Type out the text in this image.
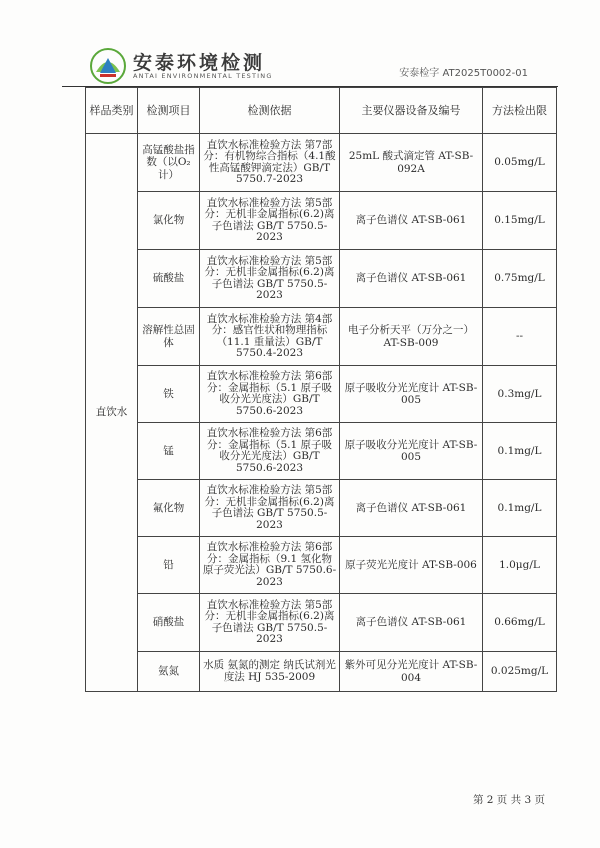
安泰环境检测
ANTAI ENVIRONMENTAL TESTING	安泰检字 AT2025T0002-01
样品类别	检测项目	检测依据	主要仪器设备及编号	方法检出限
直饮水	高锰酸盐指数（以O₂计）	直饮水标准检验方法 第7部分：有机物综合指标（4.1酸性高锰酸钾滴定法）GB/T 5750.7-2023	25mL 酸式滴定管 AT-SB-092A	0.05mg/L
	氯化物	直饮水标准检验方法 第5部分：无机非金属指标(6.2)离子色谱法 GB/T 5750.5-2023	离子色谱仪 AT-SB-061	0.15mg/L
	硫酸盐	直饮水标准检验方法 第5部分：无机非金属指标(6.2)离子色谱法 GB/T 5750.5-2023	离子色谱仪 AT-SB-061	0.75mg/L
	溶解性总固体	直饮水标准检验方法 第4部分：感官性状和物理指标（11.1 重量法）GB/T 5750.4-2023	电子分析天平（万分之一）AT-SB-009	--
	铁	直饮水标准检验方法 第6部分：金属指标（5.1 原子吸收分光光度法）GB/T 5750.6-2023	原子吸收分光光度计 AT-SB-005	0.3mg/L
	锰	直饮水标准检验方法 第6部分：金属指标（5.1 原子吸收分光光度法）GB/T 5750.6-2023	原子吸收分光光度计 AT-SB-005	0.1mg/L
	氟化物	直饮水标准检验方法 第5部分：无机非金属指标(6.2)离子色谱法 GB/T 5750.5-2023	离子色谱仪 AT-SB-061	0.1mg/L
	铅	直饮水标准检验方法 第6部分：金属指标（9.1 氢化物原子荧光法）GB/T 5750.6-2023	原子荧光光度计 AT-SB-006	1.0μg/L
	硝酸盐	直饮水标准检验方法 第5部分：无机非金属指标(6.2)离子色谱法 GB/T 5750.5-2023	离子色谱仪 AT-SB-061	0.66mg/L
	氨氮	水质 氨氮的测定 纳氏试剂光度法 HJ 535-2009	紫外可见分光光度计 AT-SB-004	0.025mg/L
第 2 页 共 3 页
